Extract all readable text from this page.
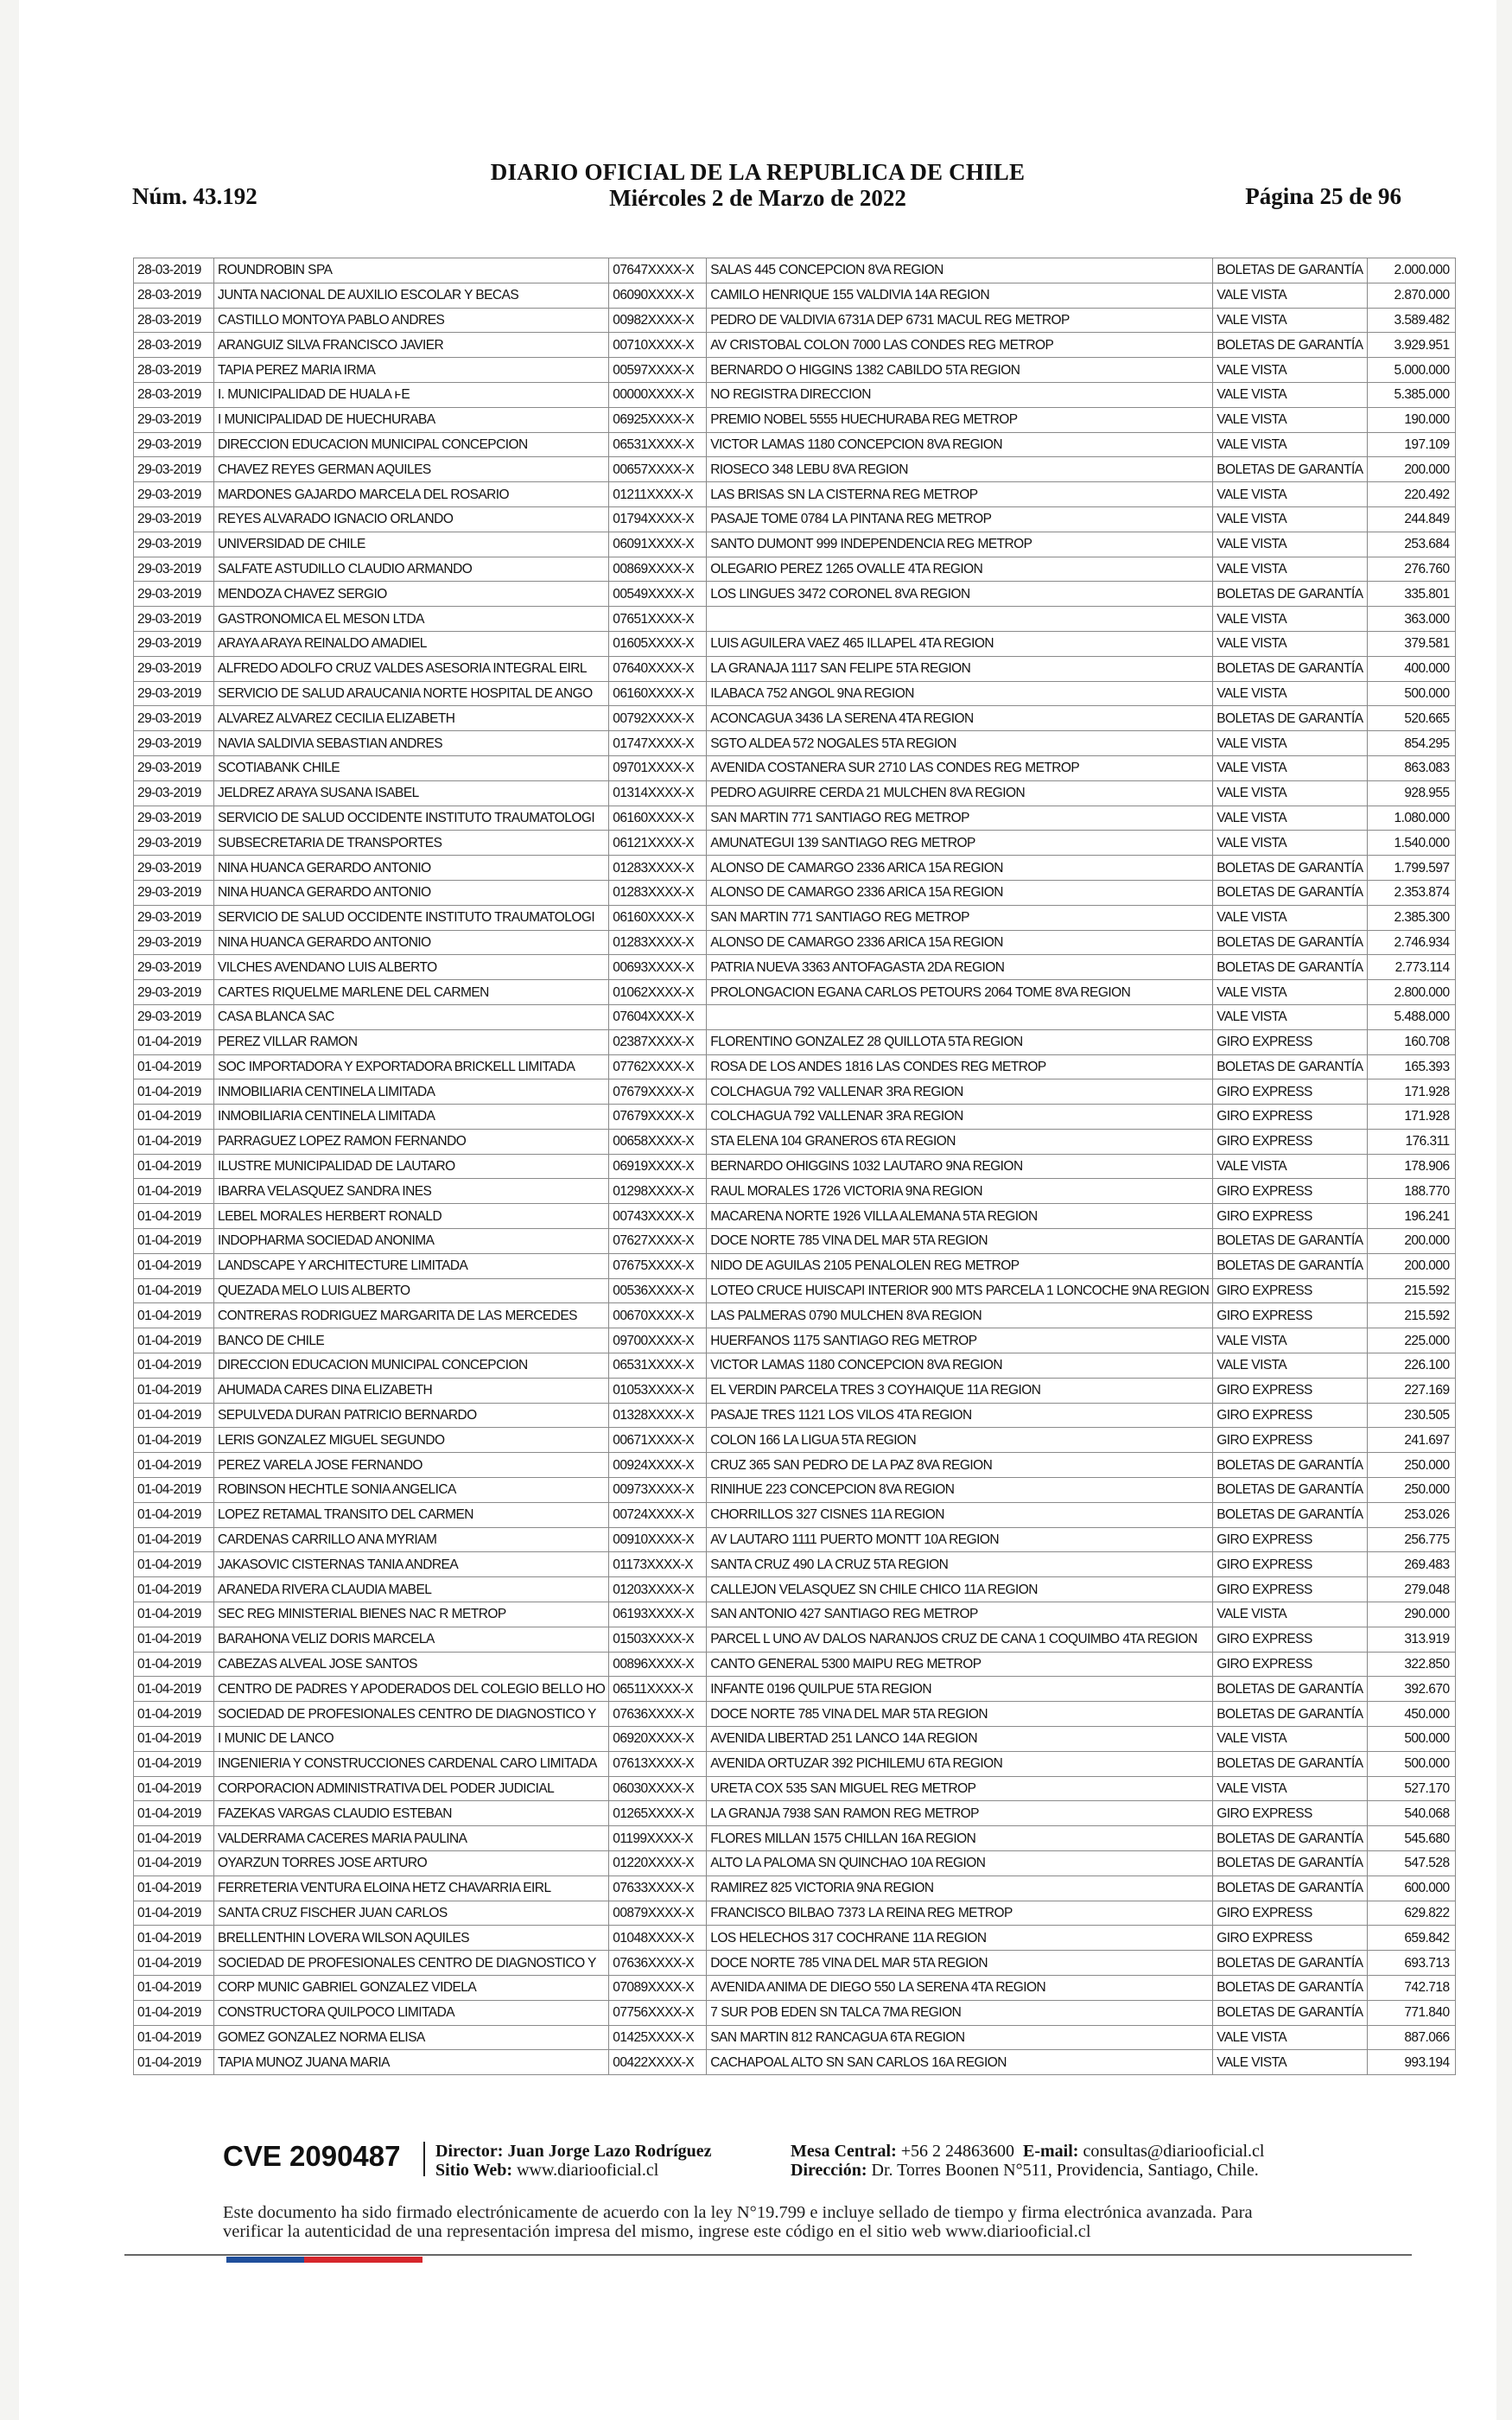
DIARIO OFICIAL DE LA REPUBLICA DE CHILE
Miércoles 2 de Marzo de 2022
Núm. 43.192	Página 25 de 96
28-03-2019	ROUNDROBIN SPA	07647XXXX-X	SALAS 445 CONCEPCION 8VA REGION	BOLETAS DE GARANTÍA	2.000.000
28-03-2019	JUNTA NACIONAL DE AUXILIO ESCOLAR Y BECAS	06090XXXX-X	CAMILO HENRIQUE 155 VALDIVIA 14A REGION	VALE VISTA	2.870.000
28-03-2019	CASTILLO MONTOYA PABLO ANDRES	00982XXXX-X	PEDRO DE VALDIVIA 6731A DEP 6731 MACUL REG METROP	VALE VISTA	3.589.482
28-03-2019	ARANGUIZ SILVA FRANCISCO JAVIER	00710XXXX-X	AV CRISTOBAL COLON 7000 LAS CONDES REG METROP	BOLETAS DE GARANTÍA	3.929.951
28-03-2019	TAPIA PEREZ MARIA IRMA	00597XXXX-X	BERNARDO O HIGGINS 1382 CABILDO 5TA REGION	VALE VISTA	5.000.000
28-03-2019	I. MUNICIPALIDAD DE HUALA ͱE	00000XXXX-X	NO REGISTRA DIRECCION	VALE VISTA	5.385.000
29-03-2019	I MUNICIPALIDAD DE HUECHURABA	06925XXXX-X	PREMIO NOBEL 5555 HUECHURABA REG METROP	VALE VISTA	190.000
29-03-2019	DIRECCION EDUCACION MUNICIPAL CONCEPCION	06531XXXX-X	VICTOR LAMAS 1180 CONCEPCION 8VA REGION	VALE VISTA	197.109
29-03-2019	CHAVEZ REYES GERMAN AQUILES	00657XXXX-X	RIOSECO 348 LEBU 8VA REGION	BOLETAS DE GARANTÍA	200.000
29-03-2019	MARDONES GAJARDO MARCELA DEL ROSARIO	01211XXXX-X	LAS BRISAS SN LA CISTERNA REG METROP	VALE VISTA	220.492
29-03-2019	REYES ALVARADO IGNACIO ORLANDO	01794XXXX-X	PASAJE TOME 0784 LA PINTANA REG METROP	VALE VISTA	244.849
29-03-2019	UNIVERSIDAD DE CHILE	06091XXXX-X	SANTO DUMONT 999 INDEPENDENCIA REG METROP	VALE VISTA	253.684
29-03-2019	SALFATE ASTUDILLO CLAUDIO ARMANDO	00869XXXX-X	OLEGARIO PEREZ 1265 OVALLE 4TA REGION	VALE VISTA	276.760
29-03-2019	MENDOZA CHAVEZ SERGIO	00549XXXX-X	LOS LINGUES 3472 CORONEL 8VA REGION	BOLETAS DE GARANTÍA	335.801
29-03-2019	GASTRONOMICA EL MESON LTDA	07651XXXX-X		VALE VISTA	363.000
29-03-2019	ARAYA ARAYA REINALDO AMADIEL	01605XXXX-X	LUIS AGUILERA VAEZ 465 ILLAPEL 4TA REGION	VALE VISTA	379.581
29-03-2019	ALFREDO ADOLFO CRUZ VALDES ASESORIA INTEGRAL EIRL	07640XXXX-X	LA GRANAJA 1117 SAN FELIPE 5TA REGION	BOLETAS DE GARANTÍA	400.000
29-03-2019	SERVICIO DE SALUD ARAUCANIA NORTE HOSPITAL DE ANGO	06160XXXX-X	ILABACA 752 ANGOL 9NA REGION	VALE VISTA	500.000
29-03-2019	ALVAREZ ALVAREZ CECILIA ELIZABETH	00792XXXX-X	ACONCAGUA 3436 LA SERENA 4TA REGION	BOLETAS DE GARANTÍA	520.665
29-03-2019	NAVIA SALDIVIA SEBASTIAN ANDRES	01747XXXX-X	SGTO ALDEA 572 NOGALES 5TA REGION	VALE VISTA	854.295
29-03-2019	SCOTIABANK CHILE	09701XXXX-X	AVENIDA COSTANERA SUR 2710 LAS CONDES REG METROP	VALE VISTA	863.083
29-03-2019	JELDREZ ARAYA SUSANA ISABEL	01314XXXX-X	PEDRO AGUIRRE CERDA 21 MULCHEN 8VA REGION	VALE VISTA	928.955
29-03-2019	SERVICIO DE SALUD OCCIDENTE INSTITUTO TRAUMATOLOGI	06160XXXX-X	SAN MARTIN 771 SANTIAGO REG METROP	VALE VISTA	1.080.000
29-03-2019	SUBSECRETARIA DE TRANSPORTES	06121XXXX-X	AMUNATEGUI 139 SANTIAGO REG METROP	VALE VISTA	1.540.000
29-03-2019	NINA HUANCA GERARDO ANTONIO	01283XXXX-X	ALONSO DE CAMARGO 2336 ARICA 15A REGION	BOLETAS DE GARANTÍA	1.799.597
29-03-2019	NINA HUANCA GERARDO ANTONIO	01283XXXX-X	ALONSO DE CAMARGO 2336 ARICA 15A REGION	BOLETAS DE GARANTÍA	2.353.874
29-03-2019	SERVICIO DE SALUD OCCIDENTE INSTITUTO TRAUMATOLOGI	06160XXXX-X	SAN MARTIN 771 SANTIAGO REG METROP	VALE VISTA	2.385.300
29-03-2019	NINA HUANCA GERARDO ANTONIO	01283XXXX-X	ALONSO DE CAMARGO 2336 ARICA 15A REGION	BOLETAS DE GARANTÍA	2.746.934
29-03-2019	VILCHES AVENDANO LUIS ALBERTO	00693XXXX-X	PATRIA NUEVA 3363 ANTOFAGASTA 2DA REGION	BOLETAS DE GARANTÍA	2.773.114
29-03-2019	CARTES RIQUELME MARLENE DEL CARMEN	01062XXXX-X	PROLONGACION EGANA CARLOS PETOURS 2064 TOME 8VA REGION	VALE VISTA	2.800.000
29-03-2019	CASA BLANCA SAC	07604XXXX-X		VALE VISTA	5.488.000
01-04-2019	PEREZ VILLAR RAMON	02387XXXX-X	FLORENTINO GONZALEZ 28 QUILLOTA 5TA REGION	GIRO EXPRESS	160.708
01-04-2019	SOC IMPORTADORA Y EXPORTADORA BRICKELL LIMITADA	07762XXXX-X	ROSA DE LOS ANDES 1816 LAS CONDES REG METROP	BOLETAS DE GARANTÍA	165.393
01-04-2019	INMOBILIARIA CENTINELA LIMITADA	07679XXXX-X	COLCHAGUA 792 VALLENAR 3RA REGION	GIRO EXPRESS	171.928
01-04-2019	INMOBILIARIA CENTINELA LIMITADA	07679XXXX-X	COLCHAGUA 792 VALLENAR 3RA REGION	GIRO EXPRESS	171.928
01-04-2019	PARRAGUEZ LOPEZ RAMON FERNANDO	00658XXXX-X	STA ELENA 104 GRANEROS 6TA REGION	GIRO EXPRESS	176.311
01-04-2019	ILUSTRE MUNICIPALIDAD DE LAUTARO	06919XXXX-X	BERNARDO OHIGGINS 1032 LAUTARO 9NA REGION	VALE VISTA	178.906
01-04-2019	IBARRA VELASQUEZ SANDRA INES	01298XXXX-X	RAUL MORALES 1726 VICTORIA 9NA REGION	GIRO EXPRESS	188.770
01-04-2019	LEBEL MORALES HERBERT RONALD	00743XXXX-X	MACARENA NORTE 1926 VILLA ALEMANA 5TA REGION	GIRO EXPRESS	196.241
01-04-2019	INDOPHARMA SOCIEDAD ANONIMA	07627XXXX-X	DOCE NORTE 785 VINA DEL MAR 5TA REGION	BOLETAS DE GARANTÍA	200.000
01-04-2019	LANDSCAPE Y ARCHITECTURE LIMITADA	07675XXXX-X	NIDO DE AGUILAS 2105 PENALOLEN REG METROP	BOLETAS DE GARANTÍA	200.000
01-04-2019	QUEZADA MELO LUIS ALBERTO	00536XXXX-X	LOTEO CRUCE HUISCAPI INTERIOR 900 MTS PARCELA 1 LONCOCHE 9NA REGION	GIRO EXPRESS	215.592
01-04-2019	CONTRERAS RODRIGUEZ MARGARITA DE LAS MERCEDES	00670XXXX-X	LAS PALMERAS 0790 MULCHEN 8VA REGION	GIRO EXPRESS	215.592
01-04-2019	BANCO DE CHILE	09700XXXX-X	HUERFANOS 1175 SANTIAGO REG METROP	VALE VISTA	225.000
01-04-2019	DIRECCION EDUCACION MUNICIPAL CONCEPCION	06531XXXX-X	VICTOR LAMAS 1180 CONCEPCION 8VA REGION	VALE VISTA	226.100
01-04-2019	AHUMADA CARES DINA ELIZABETH	01053XXXX-X	EL VERDIN PARCELA TRES 3 COYHAIQUE 11A REGION	GIRO EXPRESS	227.169
01-04-2019	SEPULVEDA DURAN PATRICIO BERNARDO	01328XXXX-X	PASAJE TRES 1121 LOS VILOS 4TA REGION	GIRO EXPRESS	230.505
01-04-2019	LERIS GONZALEZ MIGUEL SEGUNDO	00671XXXX-X	COLON 166 LA LIGUA 5TA REGION	GIRO EXPRESS	241.697
01-04-2019	PEREZ VARELA JOSE FERNANDO	00924XXXX-X	CRUZ 365 SAN PEDRO DE LA PAZ 8VA REGION	BOLETAS DE GARANTÍA	250.000
01-04-2019	ROBINSON HECHTLE SONIA ANGELICA	00973XXXX-X	RINIHUE 223 CONCEPCION 8VA REGION	BOLETAS DE GARANTÍA	250.000
01-04-2019	LOPEZ RETAMAL TRANSITO DEL CARMEN	00724XXXX-X	CHORRILLOS 327 CISNES 11A REGION	BOLETAS DE GARANTÍA	253.026
01-04-2019	CARDENAS CARRILLO ANA MYRIAM	00910XXXX-X	AV LAUTARO 1111 PUERTO MONTT 10A REGION	GIRO EXPRESS	256.775
01-04-2019	JAKASOVIC CISTERNAS TANIA ANDREA	01173XXXX-X	SANTA CRUZ 490 LA CRUZ 5TA REGION	GIRO EXPRESS	269.483
01-04-2019	ARANEDA RIVERA CLAUDIA MABEL	01203XXXX-X	CALLEJON VELASQUEZ SN CHILE CHICO 11A REGION	GIRO EXPRESS	279.048
01-04-2019	SEC REG MINISTERIAL BIENES NAC R METROP	06193XXXX-X	SAN ANTONIO 427 SANTIAGO REG METROP	VALE VISTA	290.000
01-04-2019	BARAHONA VELIZ DORIS MARCELA	01503XXXX-X	PARCEL L UNO AV DALOS NARANJOS CRUZ DE CANA 1 COQUIMBO 4TA REGION	GIRO EXPRESS	313.919
01-04-2019	CABEZAS ALVEAL JOSE SANTOS	00896XXXX-X	CANTO GENERAL 5300 MAIPU REG METROP	GIRO EXPRESS	322.850
01-04-2019	CENTRO DE PADRES Y APODERADOS DEL COLEGIO BELLO HO	06511XXXX-X	INFANTE 0196 QUILPUE 5TA REGION	BOLETAS DE GARANTÍA	392.670
01-04-2019	SOCIEDAD DE PROFESIONALES CENTRO DE DIAGNOSTICO Y	07636XXXX-X	DOCE NORTE 785 VINA DEL MAR 5TA REGION	BOLETAS DE GARANTÍA	450.000
01-04-2019	I MUNIC DE LANCO	06920XXXX-X	AVENIDA LIBERTAD 251 LANCO 14A REGION	VALE VISTA	500.000
01-04-2019	INGENIERIA Y CONSTRUCCIONES CARDENAL CARO LIMITADA	07613XXXX-X	AVENIDA ORTUZAR 392 PICHILEMU 6TA REGION	BOLETAS DE GARANTÍA	500.000
01-04-2019	CORPORACION ADMINISTRATIVA DEL PODER JUDICIAL	06030XXXX-X	URETA COX 535 SAN MIGUEL REG METROP	VALE VISTA	527.170
01-04-2019	FAZEKAS VARGAS CLAUDIO ESTEBAN	01265XXXX-X	LA GRANJA 7938 SAN RAMON REG METROP	GIRO EXPRESS	540.068
01-04-2019	VALDERRAMA CACERES MARIA PAULINA	01199XXXX-X	FLORES MILLAN 1575 CHILLAN 16A REGION	BOLETAS DE GARANTÍA	545.680
01-04-2019	OYARZUN TORRES JOSE ARTURO	01220XXXX-X	ALTO LA PALOMA SN QUINCHAO 10A REGION	BOLETAS DE GARANTÍA	547.528
01-04-2019	FERRETERIA VENTURA ELOINA HETZ CHAVARRIA EIRL	07633XXXX-X	RAMIREZ 825 VICTORIA 9NA REGION	BOLETAS DE GARANTÍA	600.000
01-04-2019	SANTA CRUZ FISCHER JUAN CARLOS	00879XXXX-X	FRANCISCO BILBAO 7373 LA REINA REG METROP	GIRO EXPRESS	629.822
01-04-2019	BRELLENTHIN LOVERA WILSON AQUILES	01048XXXX-X	LOS HELECHOS 317 COCHRANE 11A REGION	GIRO EXPRESS	659.842
01-04-2019	SOCIEDAD DE PROFESIONALES CENTRO DE DIAGNOSTICO Y	07636XXXX-X	DOCE NORTE 785 VINA DEL MAR 5TA REGION	BOLETAS DE GARANTÍA	693.713
01-04-2019	CORP MUNIC GABRIEL GONZALEZ VIDELA	07089XXXX-X	AVENIDA ANIMA DE DIEGO 550 LA SERENA 4TA REGION	BOLETAS DE GARANTÍA	742.718
01-04-2019	CONSTRUCTORA QUILPOCO LIMITADA	07756XXXX-X	7 SUR POB EDEN SN TALCA 7MA REGION	BOLETAS DE GARANTÍA	771.840
01-04-2019	GOMEZ GONZALEZ NORMA ELISA	01425XXXX-X	SAN MARTIN 812 RANCAGUA 6TA REGION	VALE VISTA	887.066
01-04-2019	TAPIA MUNOZ JUANA MARIA	00422XXXX-X	CACHAPOAL ALTO SN SAN CARLOS 16A REGION	VALE VISTA	993.194
CVE 2090487 Director: Juan Jorge Lazo Rodríguez
Sitio Web: www.diariooficial.cl
Mesa Central: +56 2 24863600 E-mail: consultas@diariooficial.cl
Dirección: Dr. Torres Boonen N°511, Providencia, Santiago, Chile.
Este documento ha sido firmado electrónicamente de acuerdo con la ley N°19.799 e incluye sellado de tiempo y firma electrónica avanzada. Para verificar la autenticidad de una representación impresa del mismo, ingrese este código en el sitio web www.diariooficial.cl
